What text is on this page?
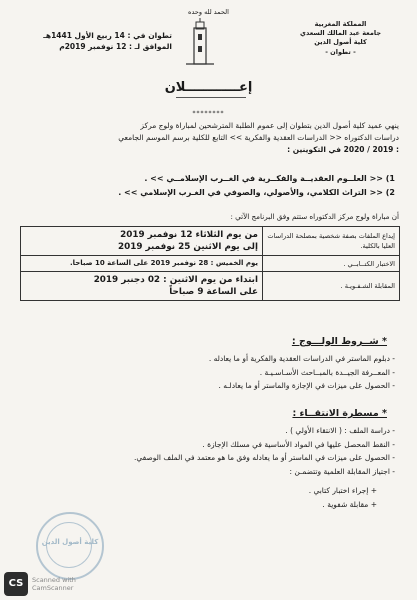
الحمد لله وحده
المملكة المغربية
جامعة عبد المالك السعدي
كلية أصول الدين
- تطوان -
تطوان في : 14 ربيع الأول 1441هـ
الموافق لـ : 12 نوفمبر 2019م
إعــــــــــــلان
********

ينهي عميد كلية أصول الدين بتطوان إلى عموم الطلبة المترشحين لمباراة ولوج مركز

دراسات الدكتوراه << الدراسات العقدية والفكرية >> التابع للكلية برسم الموسم الجامعي

: 2019 / 2020 في التكوينين :

1) << العلــوم العقديــة والفكــرية في الغــرب الإسلامــي >> .
2) << التراث الكلامي، والأصولي، والصوفي في الغـرب الإسلامي >> .
أن مباراة ولوج مركز الدكتوراه ستتم وفق البرنامج الآتي :
إيداع الملفات بصفة شخصية بمصلحة الدراسات العليا بالكلية.	من يوم الثلاثاء 12 نوفمبر 2019
إلى يوم الاثنين 25 نوفمبر 2019

الاختبار الكتــابــي .	يوم الخميس : 28 نوفمبر 2019 على الساعة 10 صباحا.

المقابلة الشـفـويـة .	ابتداء من يوم الاثنين : 02 دجنبر 2019
على الساعة 9 صباحاً
* شــروط الولـــوج :
- دبلوم الماستر في الدراسات العقدية والفكرية أو ما يعادله .
- المعــرفة الجيــدة بالمبــاحث الأسـاسـيـة .
- الحصول على ميزات في الإجازة والماستر أو ما يعادلـه .
* مسطرة الانتقــاء :
- دراسة الملف : ( الانتقاء الأولي ) .
- النقط المحصل عليها في المواد الأساسية في مسلك الإجازة .
- الحصول على ميزات في الماستر أو ما يعادله وفق ما هو معتمد في الملف الوصفي.
- اجتياز المقابلة العلمية وتتضمـن :
+ إجراء اختبار كتابي .
+ مقابلة شفوية .
كلية أصول الدين
CS	Scanned with
CamScanner
